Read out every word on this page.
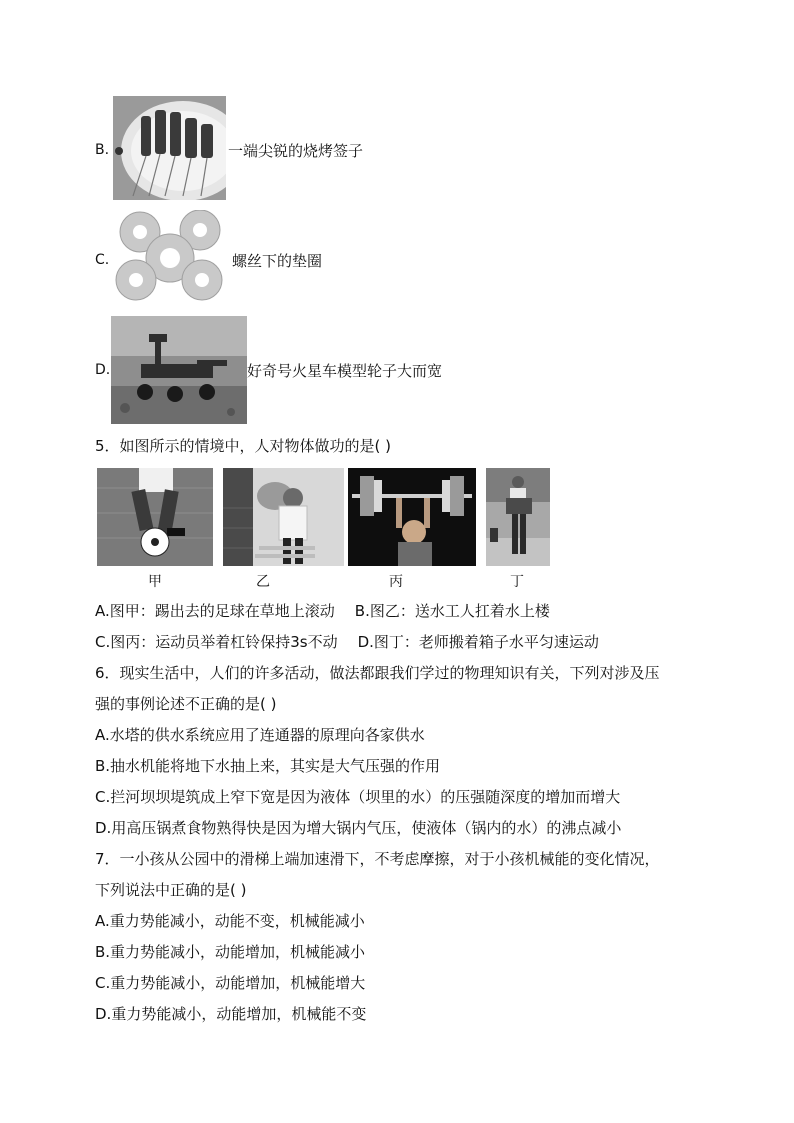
B.	一端尖锐的烧烤签子
C.	螺丝下的垫圈
D.	好奇号火星车模型轮子大而宽
5．如图所示的情境中，人对物体做功的是( )
甲	乙	丙	丁
A.图甲：踢出去的足球在草地上滚动 B.图乙：送水工人扛着水上楼
C.图丙：运动员举着杠铃保持3s不动 D.图丁：老师搬着箱子水平匀速运动
6．现实生活中，人们的许多活动，做法都跟我们学过的物理知识有关，下列对涉及压
强的事例论述不正确的是( )
A.水塔的供水系统应用了连通器的原理向各家供水
B.抽水机能将地下水抽上来，其实是大气压强的作用
C.拦河坝坝堤筑成上窄下宽是因为液体（坝里的水）的压强随深度的增加而增大
D.用高压锅煮食物熟得快是因为增大锅内气压，使液体（锅内的水）的沸点减小
7．一小孩从公园中的滑梯上端加速滑下，不考虑摩擦，对于小孩机械能的变化情况，
下列说法中正确的是( )
A.重力势能减小，动能不变，机械能减小
B.重力势能减小，动能增加，机械能减小
C.重力势能减小，动能增加，机械能增大
D.重力势能减小，动能增加，机械能不变
